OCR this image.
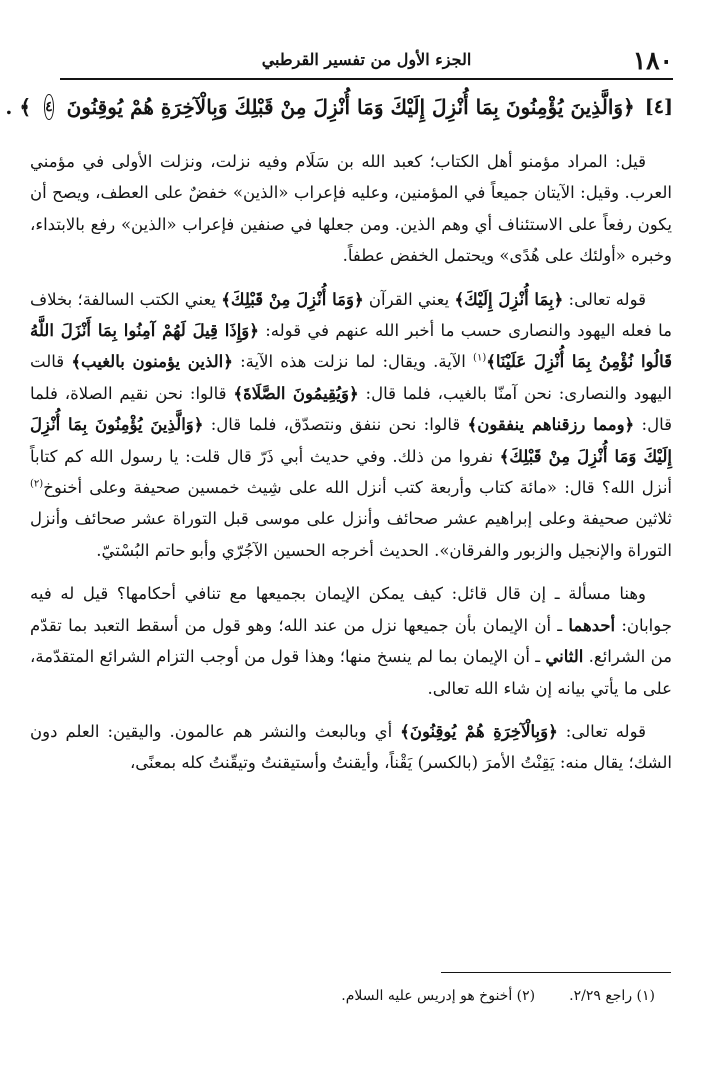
١٨٠
الجزء الأول من تفسير القرطبي
[٤]
﴿وَالَّذِينَ يُؤْمِنُونَ بِمَا أُنْزِلَ إِلَيْكَ وَمَا أُنْزِلَ مِنْ قَبْلِكَ وَبِالْآخِرَةِ هُمْ يُوقِنُونَ
٤
﴾ .

قيل: المراد مؤمنو أهل الكتاب؛ كعبد الله بن سَلَام وفيه نزلت، ونزلت الأولى في مؤمني العرب. وقيل: الآيتان جميعاً في المؤمنين، وعليه فإعراب «الذين» خفضٌ على العطف، ويصح أن يكون رفعاً على الاستئناف أي وهم الذين. ومن جعلها في صنفين فإعراب «الذين» رفع بالابتداء، وخبره «أولئك على هُدًى» ويحتمل الخفض عطفاً.

قوله تعالى: ﴿بِمَا أُنْزِلَ إِلَيْكَ﴾ يعني القرآن ﴿وَمَا أُنْزِلَ مِنْ قَبْلِكَ﴾ يعني الكتب السالفة؛ بخلاف ما فعله اليهود والنصارى حسب ما أخبر الله عنهم في قوله: ﴿وَإِذَا قِيلَ لَهُمْ آمِنُوا بِمَا أَنْزَلَ اللَّهُ قَالُوا نُؤْمِنُ بِمَا أُنْزِلَ عَلَيْنَا﴾$^{(١)}$ الآية. ويقال: لما نزلت هذه الآية: ﴿الذين يؤمنون بالغيب﴾ قالت اليهود والنصارى: نحن آمنّا بالغيب، فلما قال: ﴿وَيُقِيمُونَ الصَّلَاةَ﴾ قالوا: نحن نقيم الصلاة، فلما قال: ﴿ومما رزقناهم ينفقون﴾ قالوا: نحن ننفق ونتصدّق، فلما قال: ﴿وَالَّذِينَ يُؤْمِنُونَ بِمَا أُنْزِلَ إِلَيْكَ وَمَا أُنْزِلَ مِنْ قَبْلِكَ﴾ نفروا من ذلك. وفي حديث أبي ذَرّ قال قلت: يا رسول الله كم كتاباً أنزل الله؟ قال: «مائة كتاب وأربعة كتب أنزل الله على شِيث خمسين صحيفة وعلى أخنوخ$^{(٢)}$ ثلاثين صحيفة وعلى إبراهيم عشر صحائف وأنزل على موسى قبل التوراة عشر صحائف وأنزل التوراة والإنجيل والزبور والفرقان». الحديث أخرجه الحسين الآجُرّي وأبو حاتم البُسْتيّ.

وهنا مسألة ـ إن قال قائل: كيف يمكن الإيمان بجميعها مع تنافي أحكامها؟ قيل له فيه جوابان: أحدهما ـ أن الإيمان بأن جميعها نزل من عند الله؛ وهو قول من أسقط التعبد بما تقدّم من الشرائع. الثاني ـ أن الإيمان بما لم ينسخ منها؛ وهذا قول من أوجب التزام الشرائع المتقدّمة، على ما يأتي بيانه إن شاء الله تعالى.

قوله تعالى: ﴿وَبِالْآخِرَةِ هُمْ يُوقِنُونَ﴾ أي وبالبعث والنشر هم عالمون. واليقين: العلم دون الشك؛ يقال منه: يَقِنْتُ الأمرَ (بالكسر) يَقْناً، وأيقنتُ وأستيقنتُ وتيقّنتُ كله بمعنًى،

(١) راجع ٢/٢٩.
(٢) أخنوخ هو إدريس عليه السلام.
